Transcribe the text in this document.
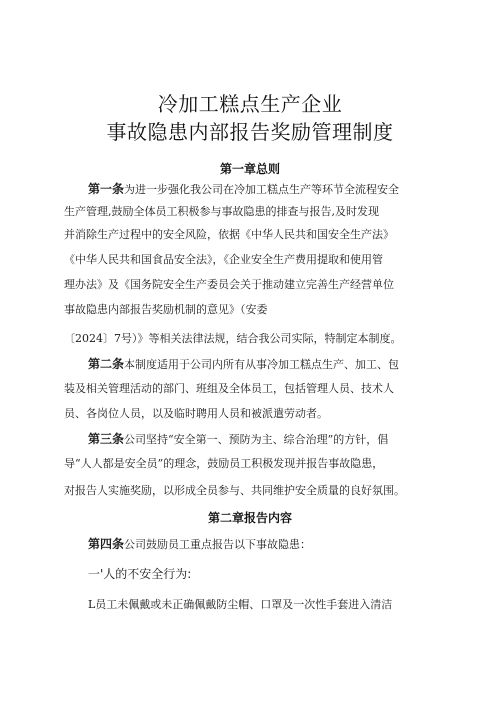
冷加工糕点生产企业
事故隐患内部报告奖励管理制度
第一章总则
第一条为进一步强化我公司在冷加工糕点生产等环节全流程安全
生产管理,鼓励全体员工积极参与事故隐患的排查与报告,及时发现
并消除生产过程中的安全风险，依据《中华人民共和国安全生产法》
《中华人民共和国食品安全法》，《企业安全生产费用提取和使用管
理办法》及《国务院安全生产委员会关于推动建立完善生产经营单位
事故隐患内部报告奖励机制的意见》（安委
〔2024〕7号）》等相关法律法规，结合我公司实际，特制定本制度。
第二条本制度适用于公司内所有从事冷加工糕点生产、加工、包
装及相关管理活动的部门、班组及全体员工，包括管理人员、技术人
员、各岗位人员，以及临时聘用人员和被派遣劳动者。
第三条公司坚持“安全第一、预防为主、综合治理”的方针，倡
导“人人都是安全员”的理念，鼓励员工积极发现并报告事故隐患，
对报告人实施奖励，以形成全员参与、共同维护安全质量的良好氛围。
第二章报告内容
第四条公司鼓励员工重点报告以下事故隐患：
一'人的不安全行为:
L员工未佩戴或未正确佩戴防尘帽、口罩及一次性手套进入清洁
